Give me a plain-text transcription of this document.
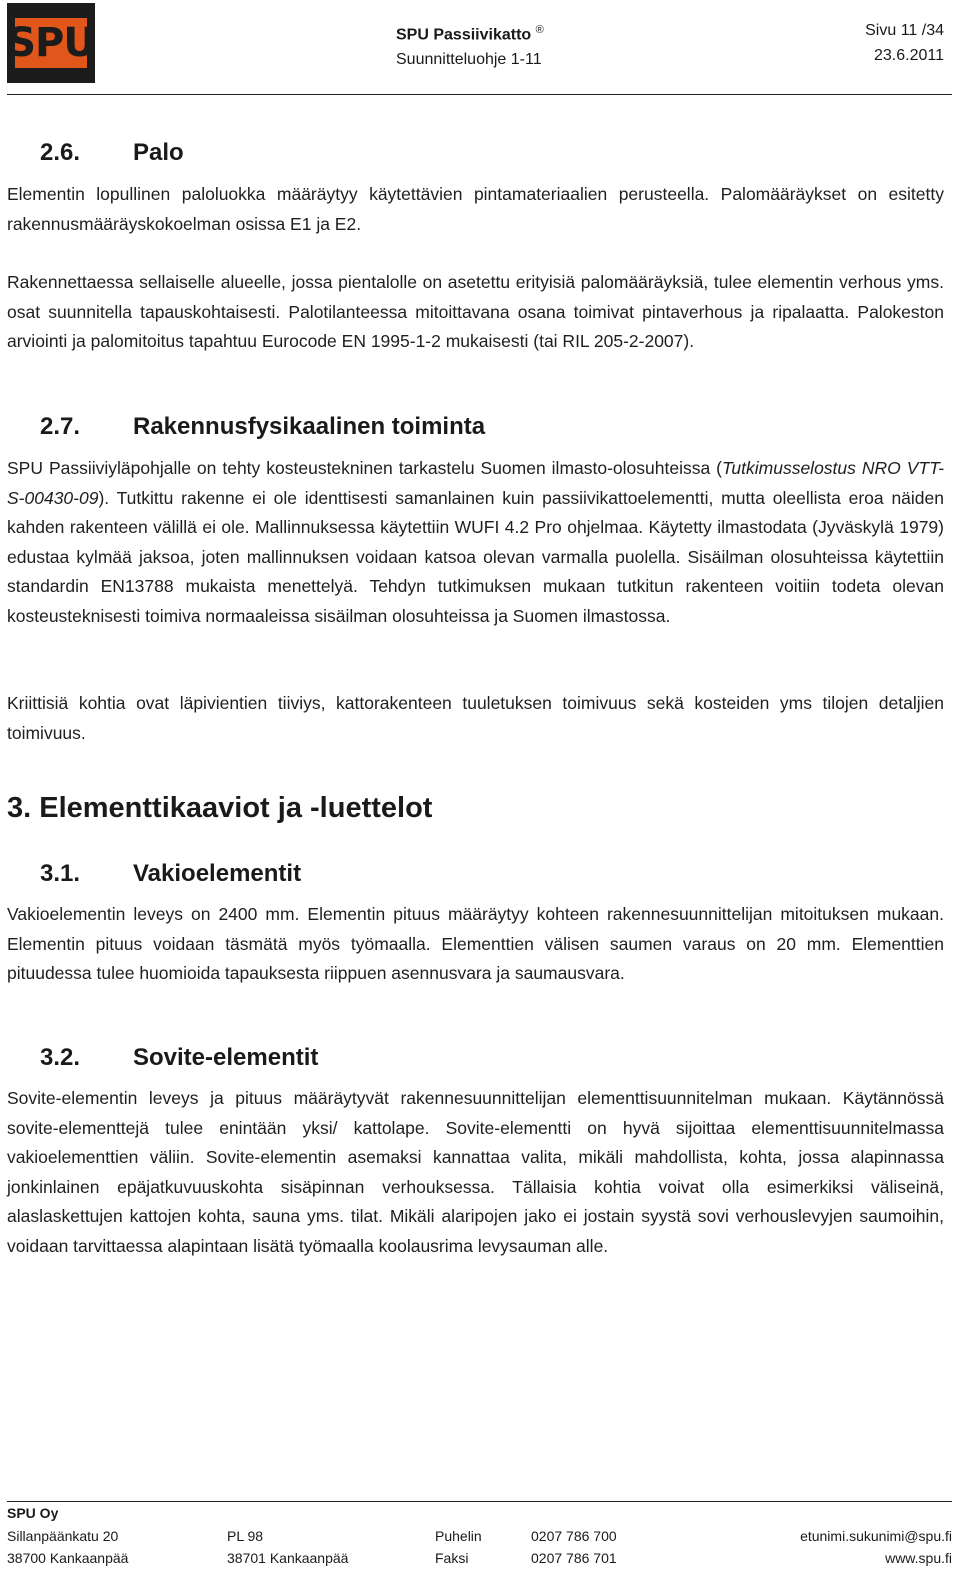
SPU	SPU Passiivikatto ®
Suunnitteluohje 1-11
Sivu 11 /34
23.6.2011
2.6. Palo

Elementin lopullinen paloluokka määräytyy käytettävien pintamateriaalien perusteella. Palomääräykset on esitetty rakennusmääräyskokoelman osissa E1 ja E2.

Rakennettaessa sellaiselle alueelle, jossa pientalolle on asetettu erityisiä palomääräyksiä, tulee elementin verhous yms. osat suunnitella tapauskohtaisesti. Palotilanteessa mitoittavana osana toimivat pintaverhous ja ripalaatta. Palokeston arviointi ja palomitoitus tapahtuu Eurocode EN 1995-1-2 mukaisesti (tai RIL 205-2-2007).

2.7. Rakennusfysikaalinen toiminta

SPU Passiiviyläpohjalle on tehty kosteustekninen tarkastelu Suomen ilmasto-olosuhteissa (Tutkimusselostus NRO VTT-S-00430-09). Tutkittu rakenne ei ole identtisesti samanlainen kuin passiivikattoelementti, mutta oleellista eroa näiden kahden rakenteen välillä ei ole. Mallinnuksessa käytettiin WUFI 4.2 Pro ohjelmaa. Käytetty ilmastodata (Jyväskylä 1979) edustaa kylmää jaksoa, joten mallinnuksen voidaan katsoa olevan varmalla puolella. Sisäilman olosuhteissa käytettiin standardin EN13788 mukaista menettelyä. Tehdyn tutkimuksen mukaan tutkitun rakenteen voitiin todeta olevan kosteusteknisesti toimiva normaaleissa sisäilman olosuhteissa ja Suomen ilmastossa.

Kriittisiä kohtia ovat läpivientien tiiviys, kattorakenteen tuuletuksen toimivuus sekä kosteiden yms tilojen detaljien toimivuus.

3. Elementtikaaviot ja -luettelot
3.1. Vakioelementit

Vakioelementin leveys on 2400 mm. Elementin pituus määräytyy kohteen rakennesuunnittelijan mitoituksen mukaan. Elementin pituus voidaan täsmätä myös työmaalla. Elementtien välisen saumen varaus on 20 mm. Elementtien pituudessa tulee huomioida tapauksesta riippuen asennusvara ja saumausvara.

3.2. Sovite-elementit

Sovite-elementin leveys ja pituus määräytyvät rakennesuunnittelijan elementtisuunnitelman mukaan. Käytännössä sovite-elementtejä tulee enintään yksi/ kattolape. Sovite-elementti on hyvä sijoittaa elementtisuunnitelmassa vakioelementtien väliin. Sovite-elementin asemaksi kannattaa valita, mikäli mahdollista, kohta, jossa alapinnassa jonkinlainen epäjatkuvuuskohta sisäpinnan verhouksessa. Tällaisia kohtia voivat olla esimerkiksi väliseinä, alaslaskettujen kattojen kohta, sauna yms. tilat. Mikäli alaripojen jako ei jostain syystä sovi verhouslevyjen saumoihin, voidaan tarvittaessa alapintaan lisätä työmaalla koolausrima levysauman alle.

SPU Oy
Sillanpäänkatu 20	PL 98	Puhelin	0207 786 700	etunimi.sukunimi@spu.fi
38700 Kankaanpää	38701 Kankaanpää	Faksi	0207 786 701	www.spu.fi
